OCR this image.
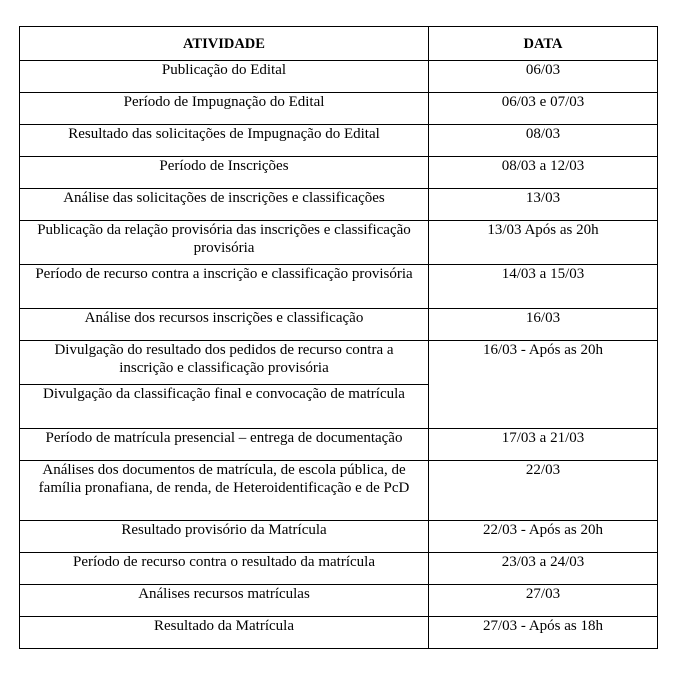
ATIVIDADE	DATA
Publicação do Edital	06/03
Período de Impugnação do Edital	06/03 e 07/03
Resultado das solicitações de Impugnação do Edital	08/03
Período de Inscrições	08/03 a 12/03
Análise das solicitações de inscrições e classificações	13/03
Publicação da relação provisória das inscrições e classificação provisória	13/03 Após as 20h
Período de recurso contra a inscrição e classificação provisória	14/03 a 15/03
Análise dos recursos inscrições e classificação	16/03
Divulgação do resultado dos pedidos de recurso contra a inscrição e classificação provisória	16/03 - Após as 20h
Divulgação da classificação final e convocação de matrícula	
Período de matrícula presencial – entrega de documentação	17/03 a 21/03
Análises dos documentos de matrícula, de escola pública, de família pronafiana, de renda, de Heteroidentificação e de PcD	22/03
Resultado provisório da Matrícula	22/03 - Após as 20h
Período de recurso contra o resultado da matrícula	23/03 a 24/03
Análises recursos matrículas	27/03
Resultado da Matrícula	27/03 - Após as 18h
